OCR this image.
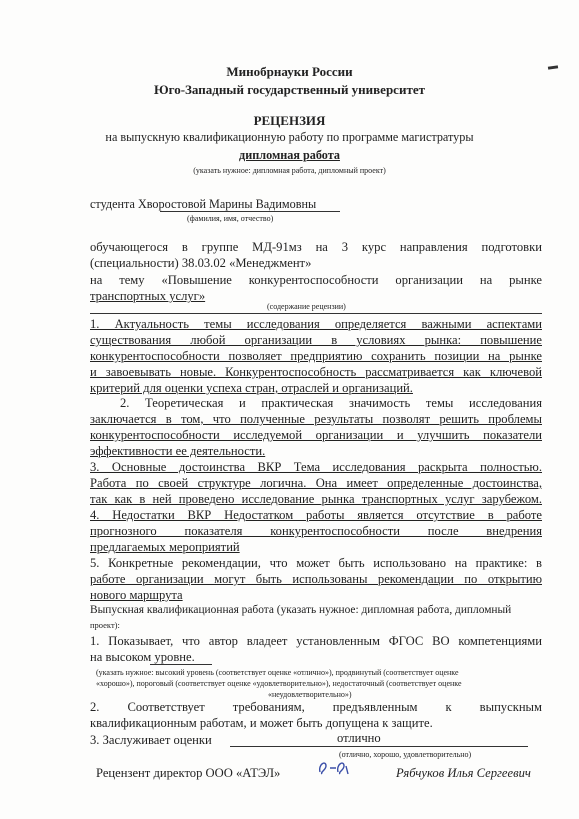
Минобрнауки России
Юго-Западный государственный университет
РЕЦЕНЗИЯ
на выпускную квалификационную работу по программе магистратуры
дипломная работа
(указать нужное: дипломная работа, дипломный проект)
студента Хворостовой Марины Вадимовны
(фамилия, имя, отчество)
обучающегося в группе МД-91мз на 3 курс направления подготовки
(специальности) 38.03.02 «Менеджмент»
на тему «Повышение конкурентоспособности организации на рынке
транспортных услуг»
(содержание рецензии)
1. Актуальность темы исследования определяется важными аспектами
существования любой организации в условиях рынка: повышение
конкурентоспособности позволяет предприятию сохранить позиции на рынке
и завоевывать новые. Конкурентоспособность рассматривается как ключевой
критерий для оценки успеха стран, отраслей и организаций.
2. Теоретическая и практическая значимость темы исследования
заключается в том, что полученные результаты позволят решить проблемы
конкурентоспособности исследуемой организации и улучшить показатели
эффективности ее деятельности.
3. Основные достоинства ВКР Тема исследования раскрыта полностью.
Работа по своей структуре логична. Она имеет определенные достоинства,
так как в ней проведено исследование рынка транспортных услуг зарубежом.
4. Недостатки ВКР Недостатком работы является отсутствие в работе
прогнозного показателя конкурентоспособности после внедрения
предлагаемых мероприятий
5. Конкретные рекомендации, что может быть использовано на практике: в
работе организации могут быть использованы рекомендации по открытию
нового маршрута
Выпускная квалификационная работа (указать нужное: дипломная работа, дипломный
проект):
1. Показывает, что автор владеет установленным ФГОС ВО компетенциями
на высоком уровне.
(указать нужное: высокий уровень (соответствует оценке «отлично»), продвинутый (соответствует оценке
«хорошо»), пороговый (соответствует оценке «удовлетворительно»), недостаточный (соответствует оценке
«неудовлетворительно»)
2. Соответствует требованиям, предъявленным к выпускным
квалификационным работам, и может быть допущена к защите.
3. Заслуживает оценки	отлично
(отлично, хорошо, удовлетворительно)
Рецензент директор ООО «АТЭЛ»	Рябчуков Илья Сергеевич
